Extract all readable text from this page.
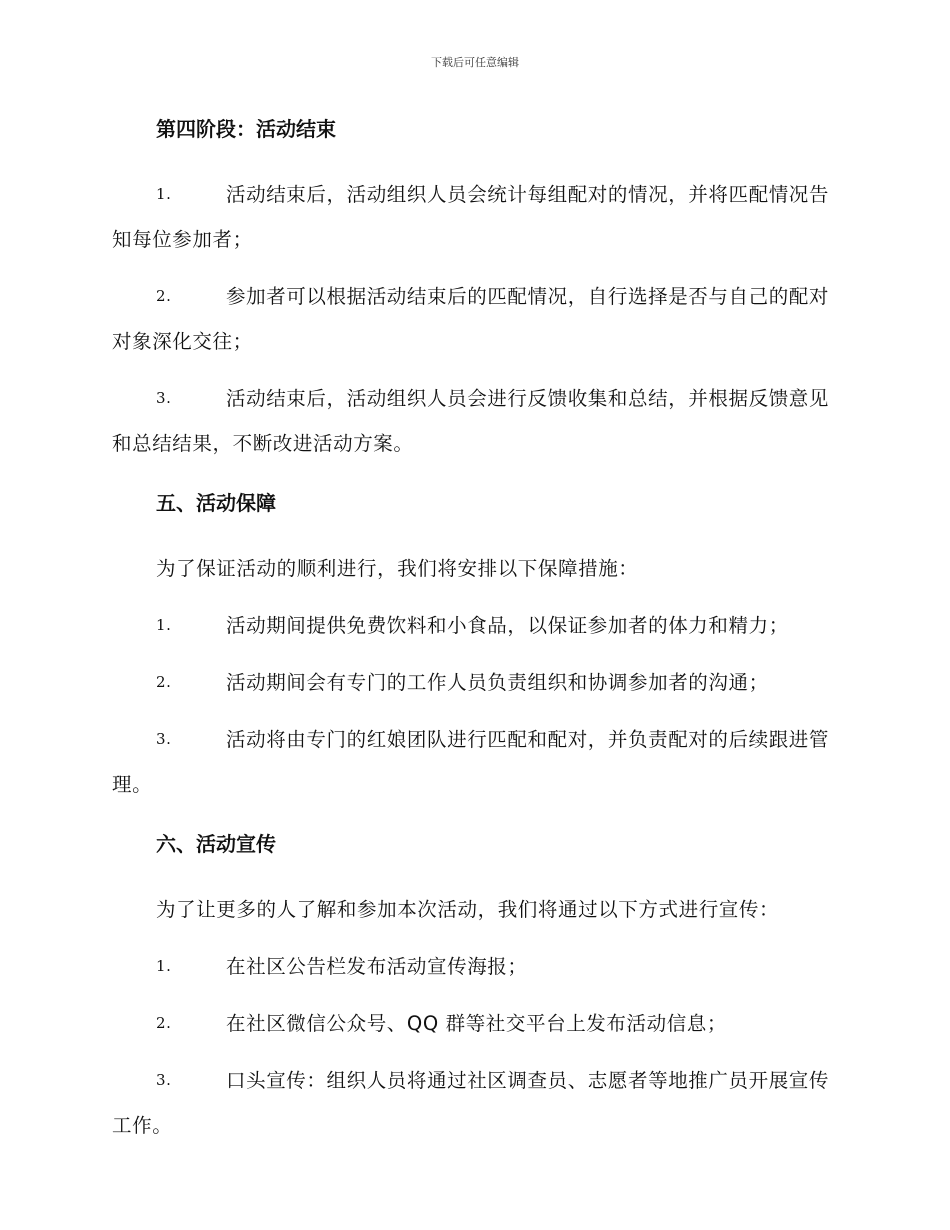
下载后可任意编辑
第四阶段：活动结束
1.	活动结束后，活动组织人员会统计每组配对的情况，并将匹配情况告知每位参加者；
2.	参加者可以根据活动结束后的匹配情况，自行选择是否与自己的配对对象深化交往；
3.	活动结束后，活动组织人员会进行反馈收集和总结，并根据反馈意见和总结结果，不断改进活动方案。
五、活动保障
为了保证活动的顺利进行，我们将安排以下保障措施：
1.	活动期间提供免费饮料和小食品，以保证参加者的体力和精力；
2.	活动期间会有专门的工作人员负责组织和协调参加者的沟通；
3.	活动将由专门的红娘团队进行匹配和配对，并负责配对的后续跟进管理。
六、活动宣传
为了让更多的人了解和参加本次活动，我们将通过以下方式进行宣传：
1.	在社区公告栏发布活动宣传海报；
2.	在社区微信公众号、QQ 群等社交平台上发布活动信息；
3.	口头宣传：组织人员将通过社区调查员、志愿者等地推广员开展宣传工作。
